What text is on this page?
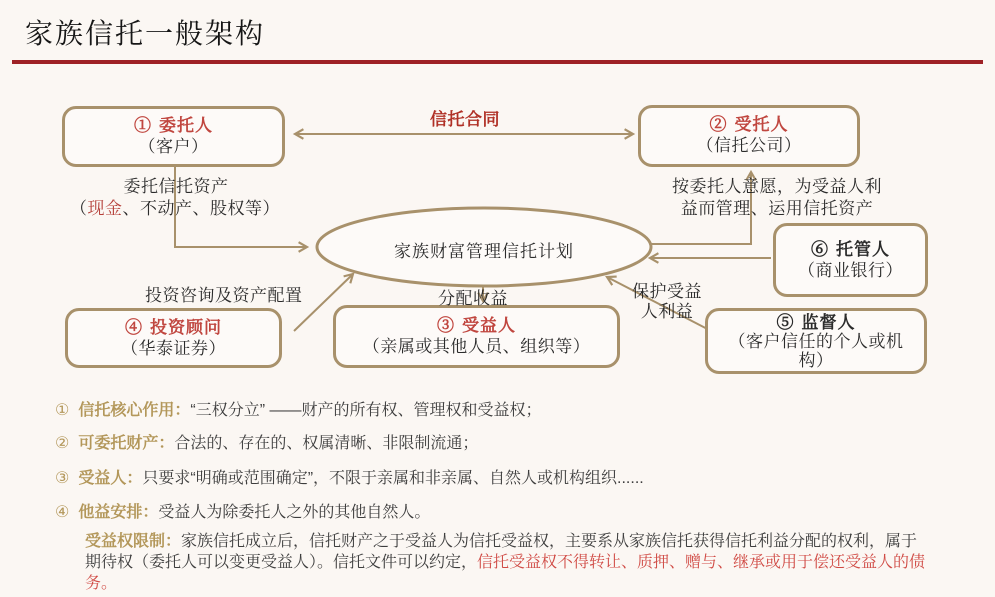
家族信托一般架构
① 委托人
（客户）
② 受托人
（信托公司）
③ 受益人
（亲属或其他人员、组织等）
④ 投资顾问
（华泰证券）
⑤ 监督人
（客户信任的个人或机构）
⑥ 托管人
（商业银行）
家族财富管理信托计划
信托合同
委托信托资产
（现金、不动产、股权等）
按委托人意愿，为受益人利益而管理、运用信托资产
投资咨询及资产配置	分配收益	保护受益人利益
① 信托核心作用：“三权分立” ——财产的所有权、管理权和受益权；
② 可委托财产：合法的、存在的、权属清晰、非限制流通；
③ 受益人：只要求“明确或范围确定”，不限于亲属和非亲属、自然人或机构组织......
④ 他益安排：受益人为除委托人之外的其他自然人。
受益权限制：家族信托成立后，信托财产之于受益人为信托受益权，主要系从家族信托获得信托利益分配的权利，属于期待权（委托人可以变更受益人）。信托文件可以约定，信托受益权不得转让、质押、赠与、继承或用于偿还受益人的债务。
